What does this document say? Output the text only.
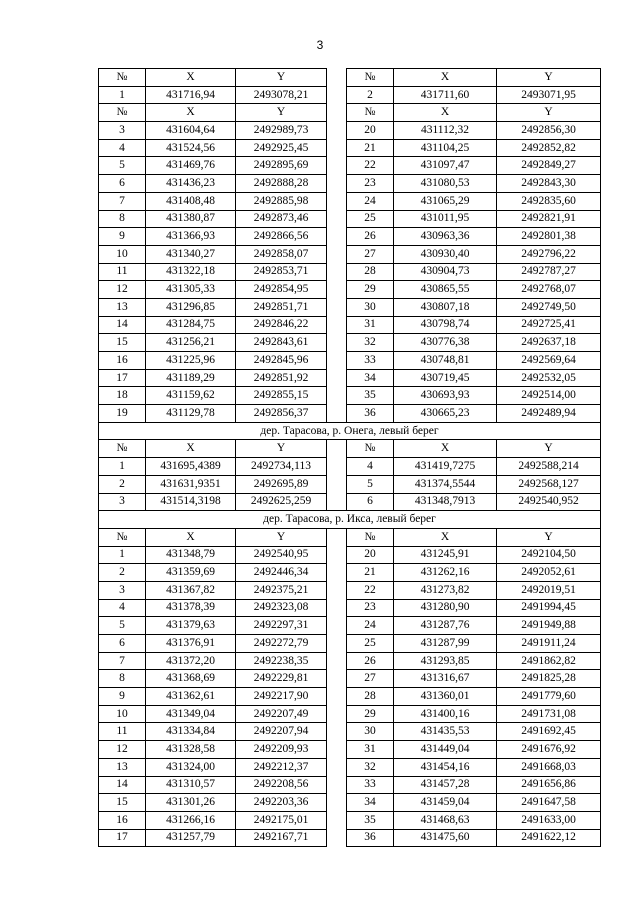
3
№	X	Y		№	X	Y
1	431716,94	2493078,21		2	431711,60	2493071,95
№	X	Y		№	X	Y
3	431604,64	2492989,73		20	431112,32	2492856,30
4	431524,56	2492925,45		21	431104,25	2492852,82
5	431469,76	2492895,69		22	431097,47	2492849,27
6	431436,23	2492888,28		23	431080,53	2492843,30
7	431408,48	2492885,98		24	431065,29	2492835,60
8	431380,87	2492873,46		25	431011,95	2492821,91
9	431366,93	2492866,56		26	430963,36	2492801,38
10	431340,27	2492858,07		27	430930,40	2492796,22
11	431322,18	2492853,71		28	430904,73	2492787,27
12	431305,33	2492854,95		29	430865,55	2492768,07
13	431296,85	2492851,71		30	430807,18	2492749,50
14	431284,75	2492846,22		31	430798,74	2492725,41
15	431256,21	2492843,61		32	430776,38	2492637,18
16	431225,96	2492845,96		33	430748,81	2492569,64
17	431189,29	2492851,92		34	430719,45	2492532,05
18	431159,62	2492855,15		35	430693,93	2492514,00
19	431129,78	2492856,37		36	430665,23	2492489,94
дер. Тарасова, р. Онега, левый берег						
№	X	Y		№	X	Y
1	431695,4389	2492734,113		4	431419,7275	2492588,214
2	431631,9351	2492695,89		5	431374,5544	2492568,127
3	431514,3198	2492625,259		6	431348,7913	2492540,952
дер. Тарасова, р. Икса, левый берег						
№	X	Y		№	X	Y
1	431348,79	2492540,95		20	431245,91	2492104,50
2	431359,69	2492446,34		21	431262,16	2492052,61
3	431367,82	2492375,21		22	431273,82	2492019,51
4	431378,39	2492323,08		23	431280,90	2491994,45
5	431379,63	2492297,31		24	431287,76	2491949,88
6	431376,91	2492272,79		25	431287,99	2491911,24
7	431372,20	2492238,35		26	431293,85	2491862,82
8	431368,69	2492229,81		27	431316,67	2491825,28
9	431362,61	2492217,90		28	431360,01	2491779,60
10	431349,04	2492207,49		29	431400,16	2491731,08
11	431334,84	2492207,94		30	431435,53	2491692,45
12	431328,58	2492209,93		31	431449,04	2491676,92
13	431324,00	2492212,37		32	431454,16	2491668,03
14	431310,57	2492208,56		33	431457,28	2491656,86
15	431301,26	2492203,36		34	431459,04	2491647,58
16	431266,16	2492175,01		35	431468,63	2491633,00
17	431257,79	2492167,71		36	431475,60	2491622,12
